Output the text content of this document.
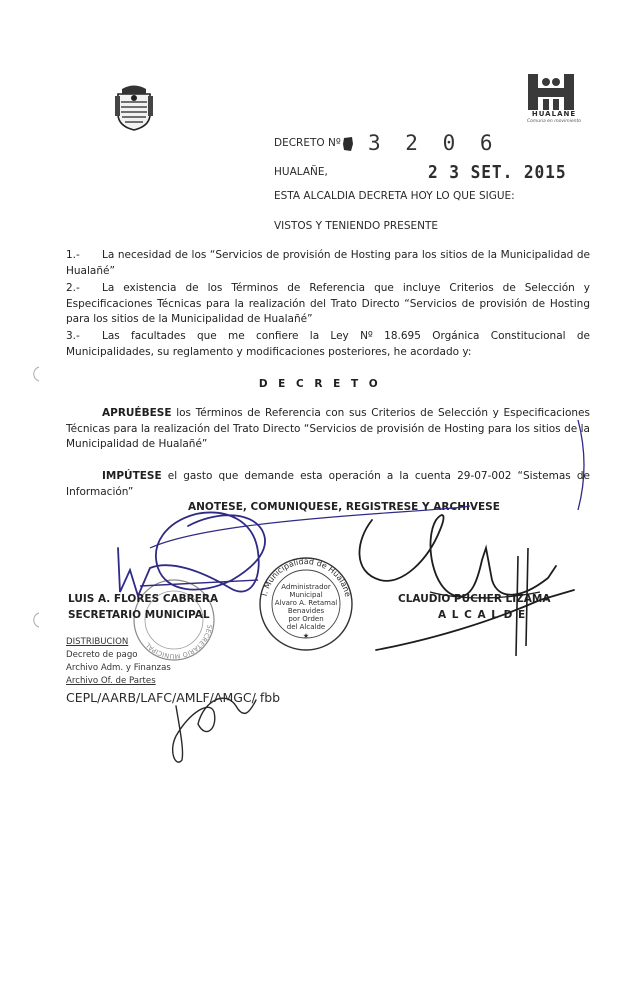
HUALAÑE
Comuna en movimiento
DECRETO Nº 3 2 0 6
HUALAÑE,	2 3 SET. 2015
ESTA ALCALDIA DECRETA HOY LO QUE SIGUE:
VISTOS Y TENIENDO PRESENTE
1.- La necesidad de los “Servicios de provisión de Hosting para los sitios de la Municipalidad de Hualañé”
2.- La existencia de los Términos de Referencia que incluye Criterios de Selección y Especificaciones Técnicas para la realización del Trato Directo “Servicios de provisión de Hosting para los sitios de la Municipalidad de Hualañé”
3.- Las facultades que me confiere la Ley Nº 18.695 Orgánica Constitucional de Municipalidades, su reglamento y modificaciones posteriores, he acordado y:
D E C R E T O
APRUÉBESE los Términos de Referencia con sus Criterios de Selección y Especificaciones Técnicas para la realización del Trato Directo “Servicios de provisión de Hosting para los sitios de la Municipalidad de Hualañé”
IMPÚTESE el gasto que demande esta operación a la cuenta 29-07-002 “Sistemas de Información”
ANOTESE, COMUNIQUESE, REGISTRESE Y ARCHIVESE
SECRETARIO MUNICIPAL
LUIS A. FLORES CABRERA
SECRETARIO MUNICIPAL
CLAUDIO PUCHER LIZAMA
A L C A L D E
I. Municipalidad de Hualañé
Administrador
Municipal
Alvaro A. Retamal
Benavides
por Orden
del Alcalde
★
DISTRIBUCION
Decreto de pago
Archivo Adm. y Finanzas
Archivo Of. de Partes
CEPL/AARB/LAFC/AMLF/AMGC/ fbb
